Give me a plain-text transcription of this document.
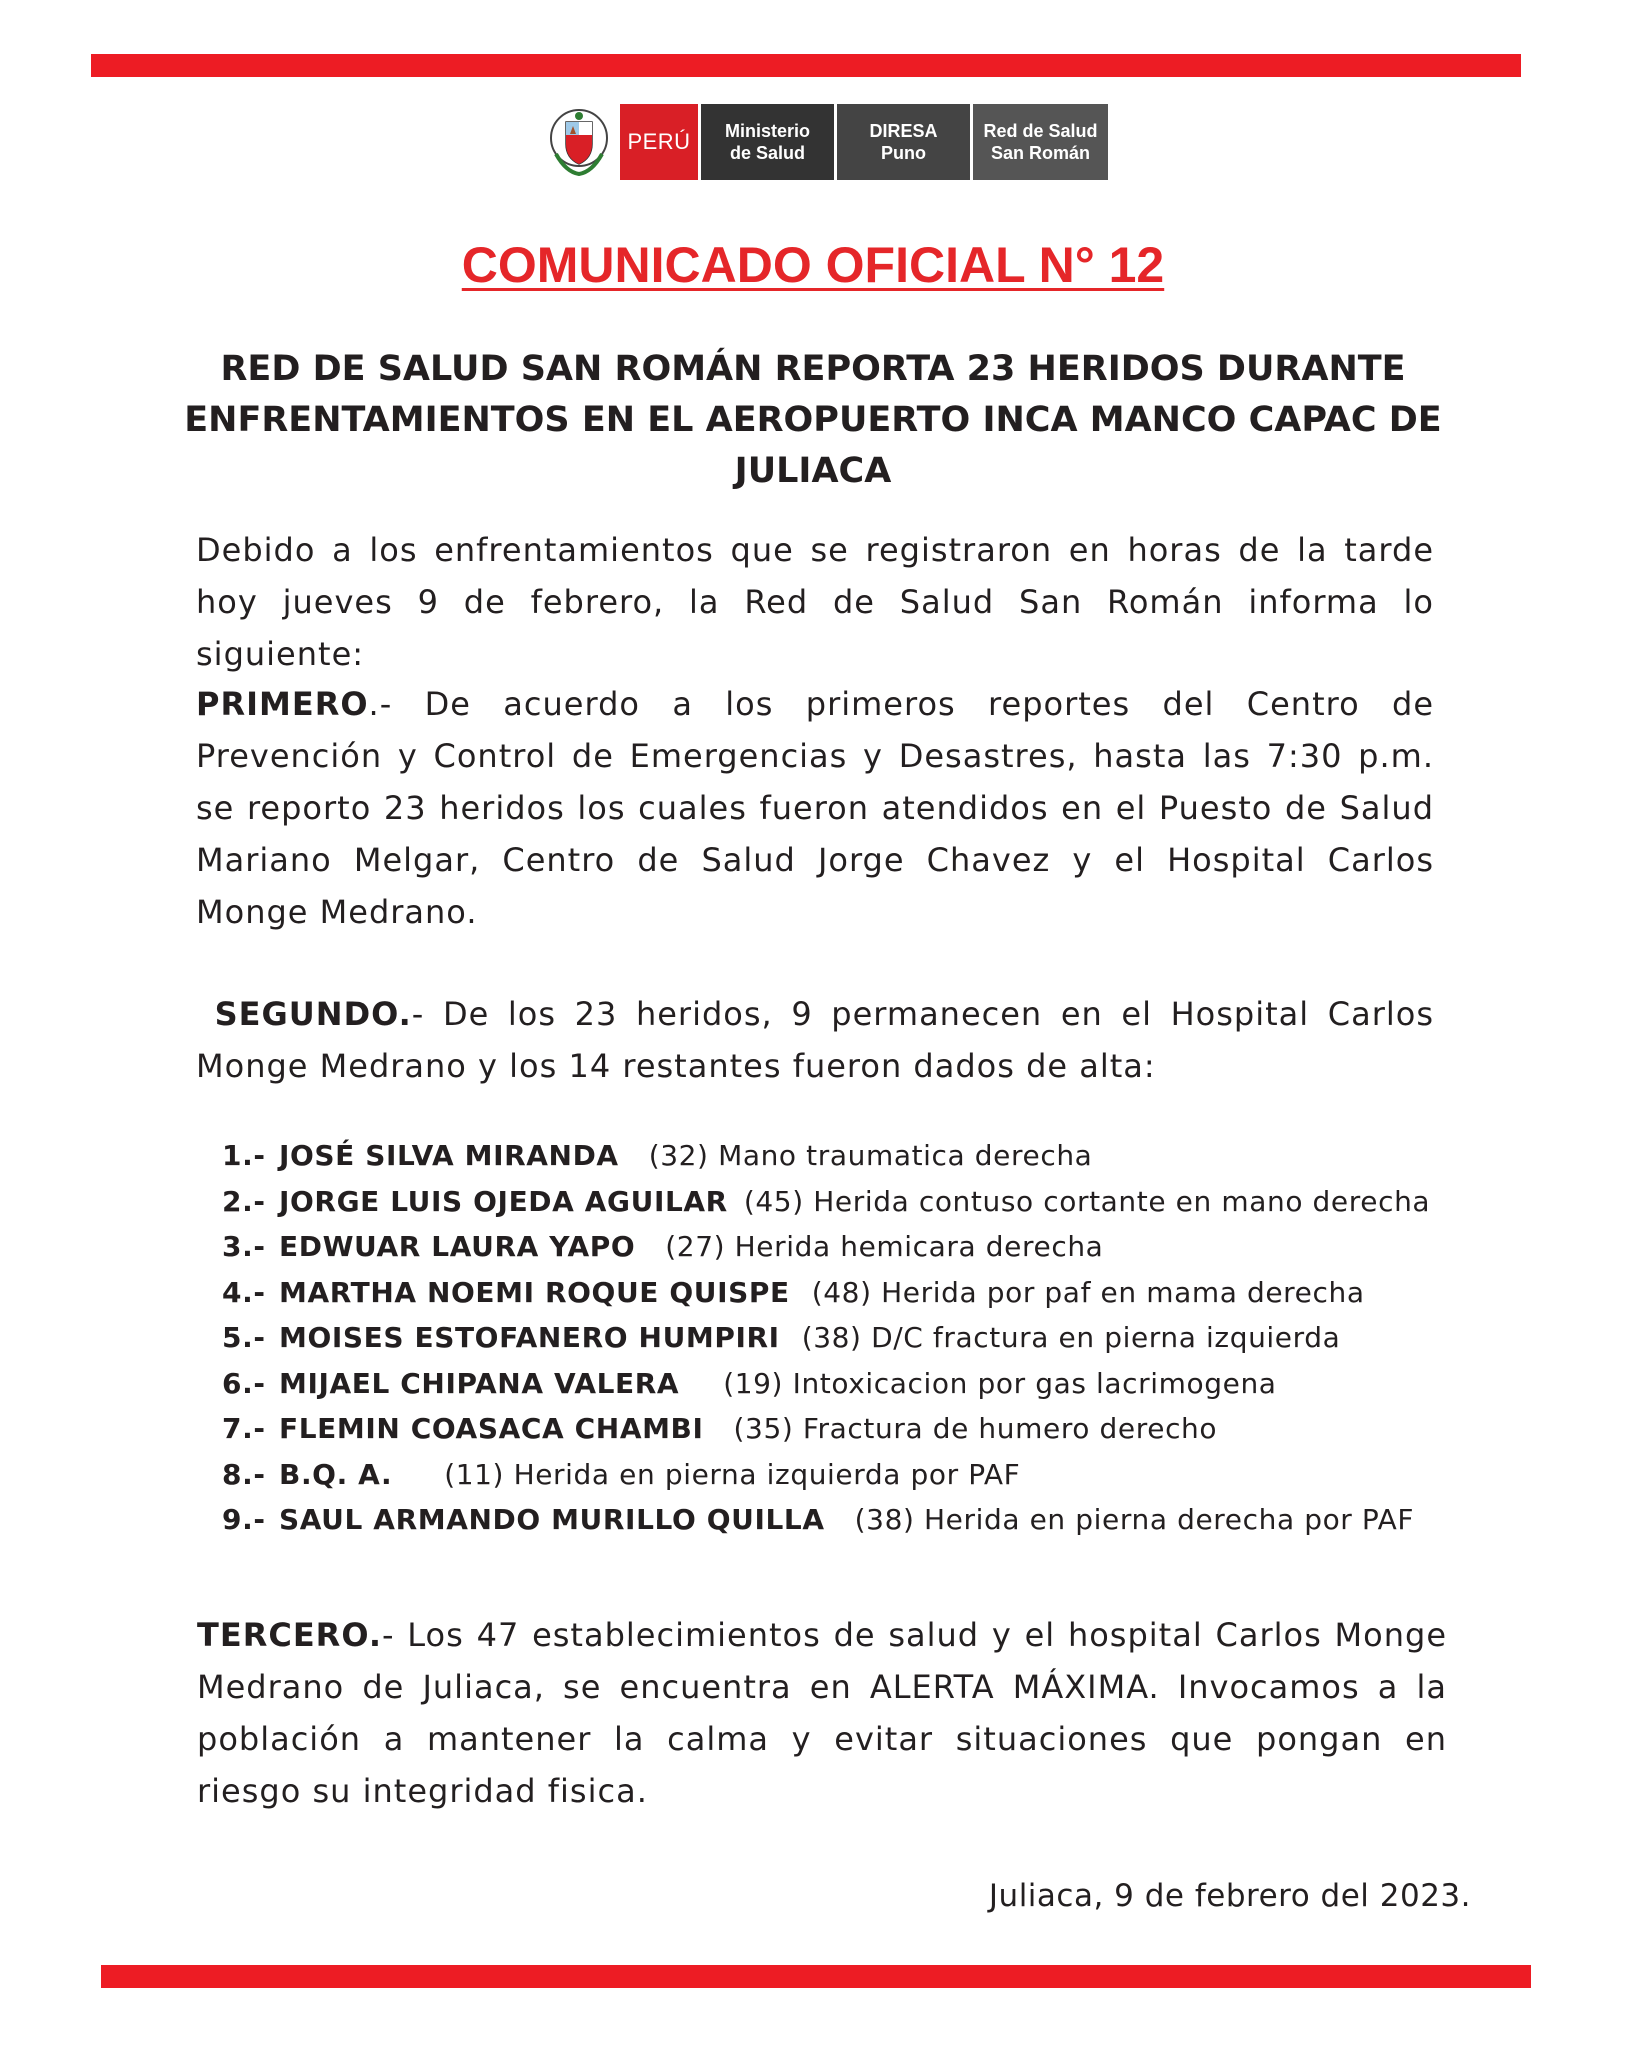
PERÚ Ministerio
de Salud
DIRESA
Puno
Red de Salud
San Román
COMUNICADO OFICIAL N° 12
RED DE SALUD SAN ROMÁN REPORTA 23 HERIDOS DURANTE ENFRENTAMIENTOS EN EL AEROPUERTO INCA MANCO CAPAC DE JULIACA

Debido a los enfrentamientos que se registraron en horas de la tarde hoy jueves 9 de febrero, la Red de Salud San Román informa lo siguiente:

PRIMERO.- De acuerdo a los primeros reportes del Centro de Prevención y Control de Emergencias y Desastres, hasta las 7:30 p.m. se reporto 23 heridos los cuales fueron atendidos en el Puesto de Salud Mariano Melgar, Centro de Salud Jorge Chavez y el Hospital Carlos Monge Medrano.

SEGUNDO.- De los 23 heridos, 9 permanecen en el Hospital Carlos Monge Medrano y los 14 restantes fueron dados de alta:

1.- JOSÉ SILVA MIRANDA (32) Mano traumatica derecha
2.- JORGE LUIS OJEDA AGUILAR (45) Herida contuso cortante en mano derecha
3.- EDWUAR LAURA YAPO (27) Herida hemicara derecha
4.- MARTHA NOEMI ROQUE QUISPE (48) Herida por paf en mama derecha
5.- MOISES ESTOFANERO HUMPIRI (38) D/C fractura en pierna izquierda
6.- MIJAEL CHIPANA VALERA (19) Intoxicacion por gas lacrimogena
7.- FLEMIN COASACA CHAMBI (35) Fractura de humero derecho
8.- B.Q. A. (11) Herida en pierna izquierda por PAF
9.- SAUL ARMANDO MURILLO QUILLA (38) Herida en pierna derecha por PAF

TERCERO.- Los 47 establecimientos de salud y el hospital Carlos Monge Medrano de Juliaca, se encuentra en ALERTA MÁXIMA. Invocamos a la población a mantener la calma y evitar situaciones que pongan en riesgo su integridad fisica.

Juliaca, 9 de febrero del 2023.
